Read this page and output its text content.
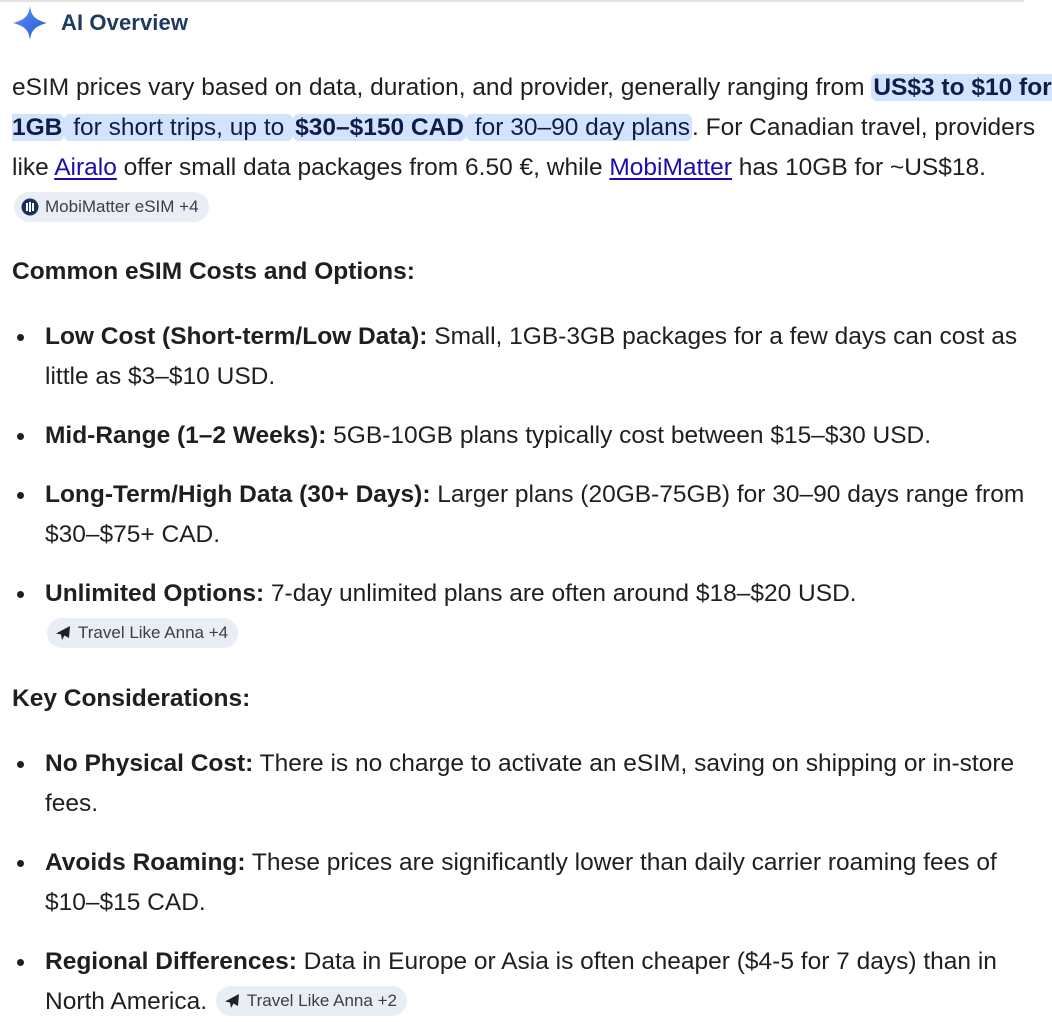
AI Overview

eSIM prices vary based on data, duration, and provider, generally ranging from US$3 to $10 for 1GB for short trips, up to $30–$150 CAD for 30–90 day plans. For Canadian travel, providers like Airalo offer small data packages from 6.50 €, while MobiMatter has 10GB for ~US$18.
MobiMatter eSIM +4

Common eSIM Costs and Options:

Low Cost (Short-term/Low Data): Small, 1GB-3GB packages for a few days can cost as little as $3–$10 USD.
Mid-Range (1–2 Weeks): 5GB-10GB plans typically cost between $15–$30 USD.
Long-Term/High Data (30+ Days): Larger plans (20GB-75GB) for 30–90 days range from $30–$75+ CAD.
Unlimited Options: 7-day unlimited plans are often around $18–$20 USD.
Travel Like Anna +4

Key Considerations:

No Physical Cost: There is no charge to activate an eSIM, saving on shipping or in-store fees.
Avoids Roaming: These prices are significantly lower than daily carrier roaming fees of $10–$15 CAD.
Regional Differences: Data in Europe or Asia is often cheaper ($4-5 for 7 days) than in North America. Travel Like Anna +2
